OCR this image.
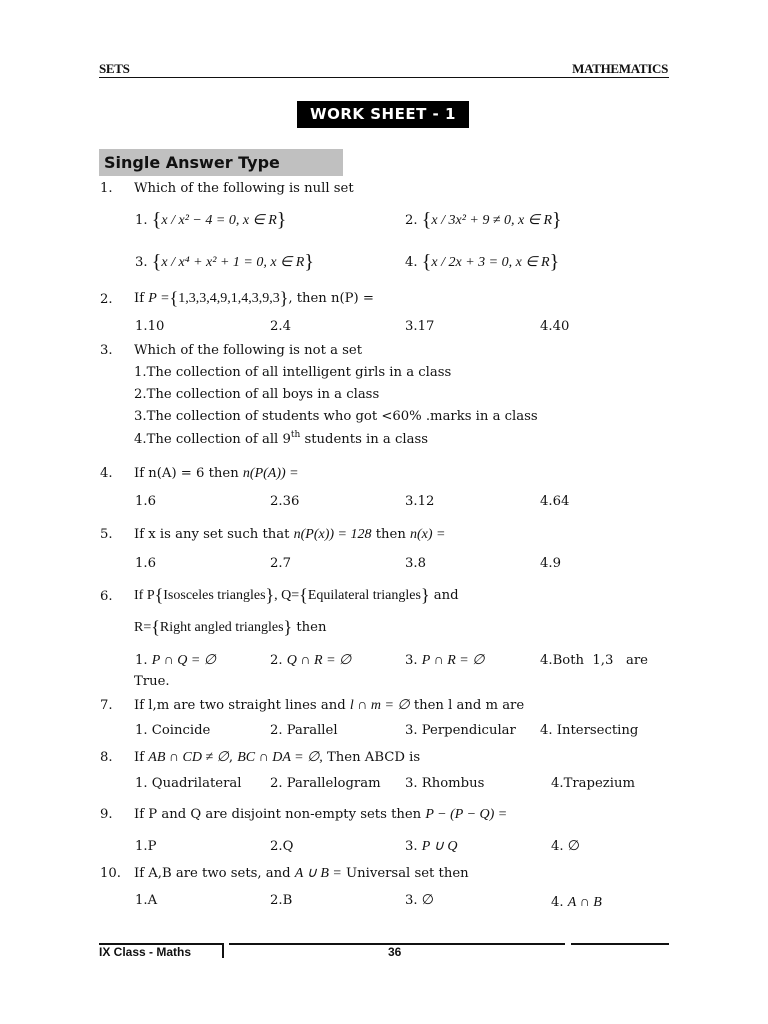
SETS	MATHEMATICS
WORK SHEET - 1
Single Answer Type
1. Which of the following is null set
1. {x / x² − 4 = 0, x ∈ R}	2. {x / 3x² + 9 ≠ 0, x ∈ R}
3. {x / x⁴ + x² + 1 = 0, x ∈ R}	4. {x / 2x + 3 = 0, x ∈ R}
2. If P ={1,3,3,4,9,1,4,3,9,3}, then n(P) =
1.10	2.4	3.17	4.40
3. Which of the following is not a set
1.The collection of all intelligent girls in a class
2.The collection of all boys in a class
3.The collection of students who got <60% .marks in a class
4.The collection of all 9th students in a class
4. If n(A) = 6 then n(P(A)) =
1.6	2.36	3.12	4.64
5. If x is any set such that n(P(x)) = 128 then n(x) =
1.6	2.7	3.8	4.9
6. If P{Isosceles triangles}, Q={Equilateral triangles} and
R={Right angled triangles} then
1. P ∩ Q = ∅	2. Q ∩ R = ∅	3. P ∩ R = ∅	4.Both 1,3 are
True.
7. If l,m are two straight lines and l ∩ m = ∅ then l and m are
1. Coincide	2. Parallel	3. Perpendicular 4. Intersecting
8. If AB ∩ CD ≠ ∅, BC ∩ DA = ∅, Then ABCD is
1. Quadrilateral 2. Parallelogram 3. Rhombus	4.Trapezium
9. If P and Q are disjoint non-empty sets then P − (P − Q) =
1.P	2.Q	3. P ∪ Q	4. ∅
10. If A,B are two sets, and A ∪ B = Universal set then
1.A	2.B	3. ∅	4. A ∩ B
IX Class - Maths	36
